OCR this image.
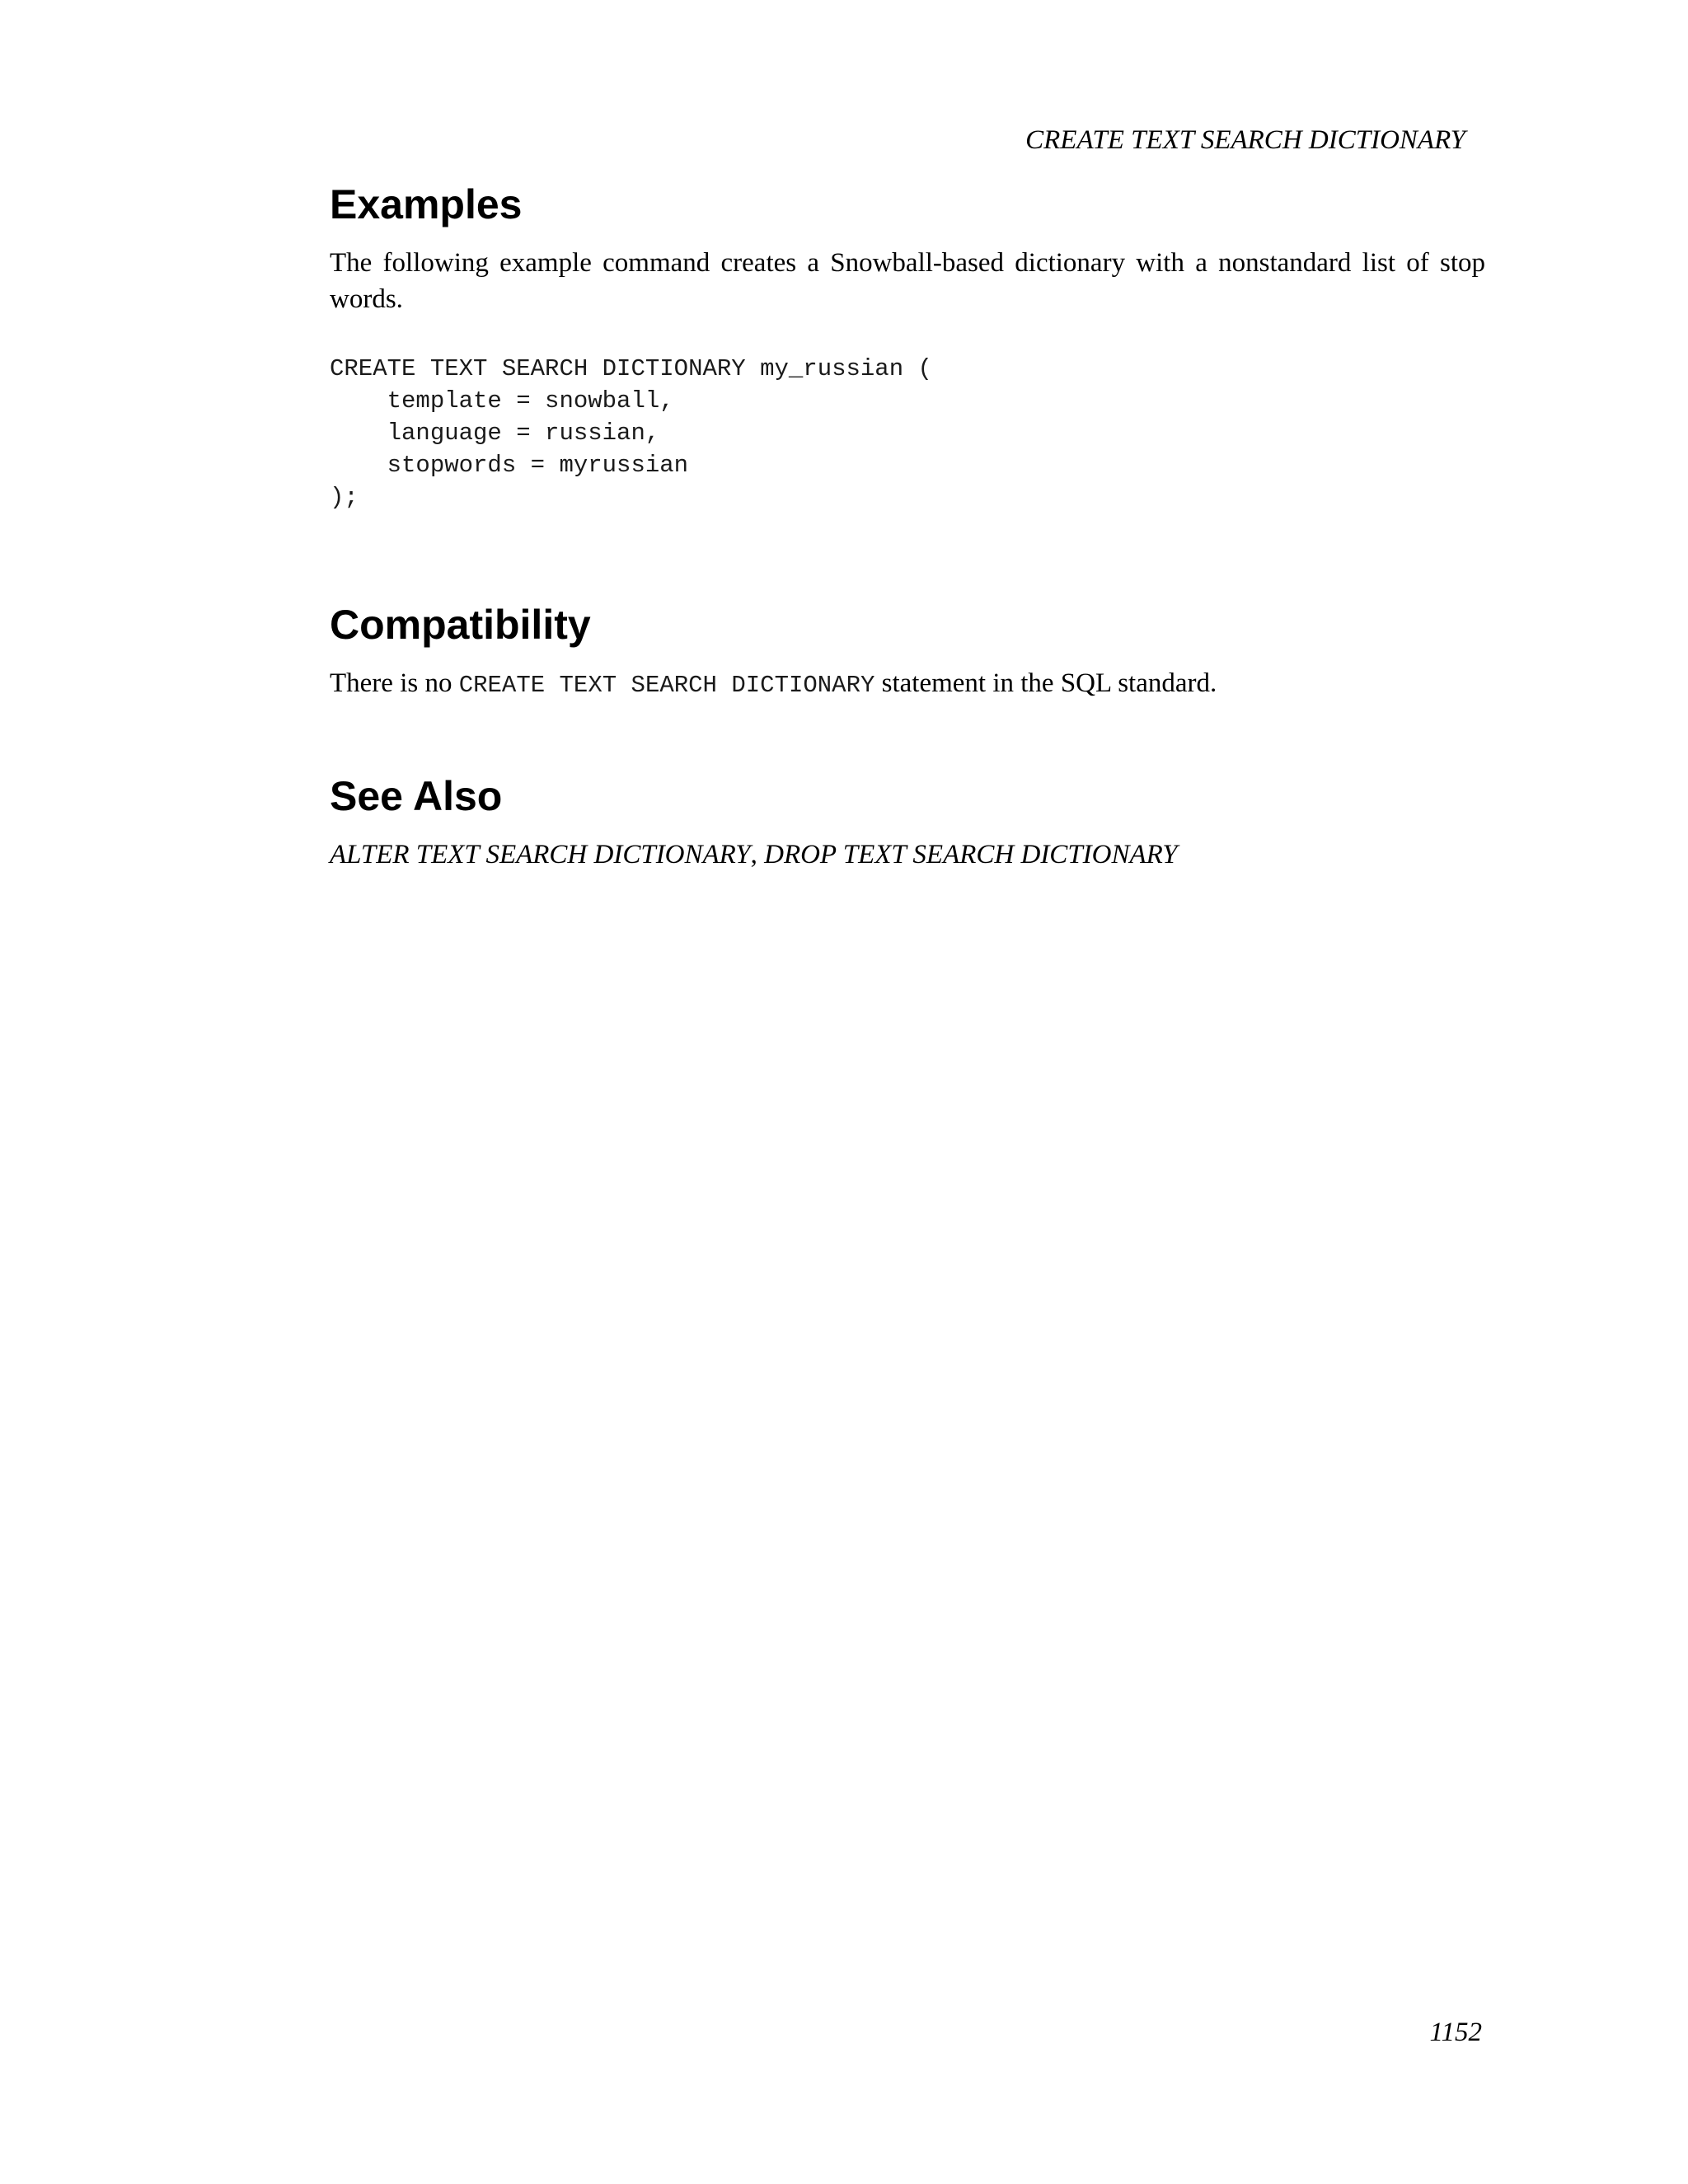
CREATE TEXT SEARCH DICTIONARY
Examples

The following example command creates a Snowball-based dictionary with a nonstandard list of stop words.

CREATE TEXT SEARCH DICTIONARY my_russian (
template = snowball,
language = russian,
stopwords = myrussian
);
Compatibility

There is no CREATE TEXT SEARCH DICTIONARY statement in the SQL standard.

See Also

ALTER TEXT SEARCH DICTIONARY, DROP TEXT SEARCH DICTIONARY

1152
